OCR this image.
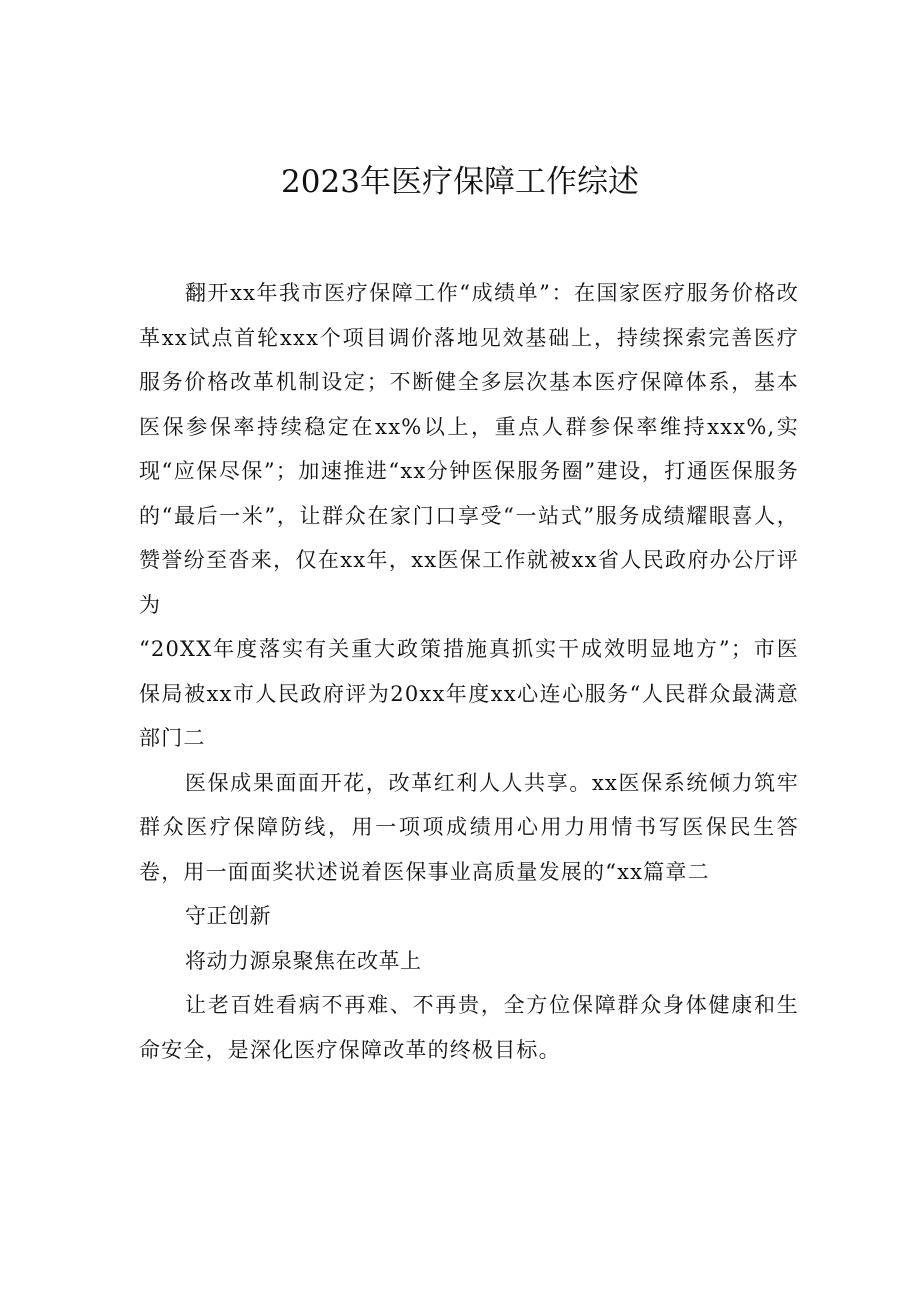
2023年医疗保障工作综述

翻开xx年我市医疗保障工作“成绩单”：在国家医疗服务价格改革xx试点首轮xxx个项目调价落地见效基础上，持续探索完善医疗服务价格改革机制设定；不断健全多层次基本医疗保障体系，基本医保参保率持续稳定在xx%以上，重点人群参保率维持xxx%,实现“应保尽保”；加速推进“xx分钟医保服务圈”建设，打通医保服务的“最后一米”，让群众在家门口享受“一站式”服务成绩耀眼喜人，赞誉纷至沓来，仅在xx年，xx医保工作就被xx省人民政府办公厅评为

“20XX年度落实有关重大政策措施真抓实干成效明显地方”；市医保局被xx市人民政府评为20xx年度xx心连心服务“人民群众最满意部门二

医保成果面面开花，改革红利人人共享。xx医保系统倾力筑牢群众医疗保障防线，用一项项成绩用心用力用情书写医保民生答卷，用一面面奖状述说着医保事业高质量发展的“xx篇章二

守正创新

将动力源泉聚焦在改革上

让老百姓看病不再难、不再贵，全方位保障群众身体健康和生命安全，是深化医疗保障改革的终极目标。
